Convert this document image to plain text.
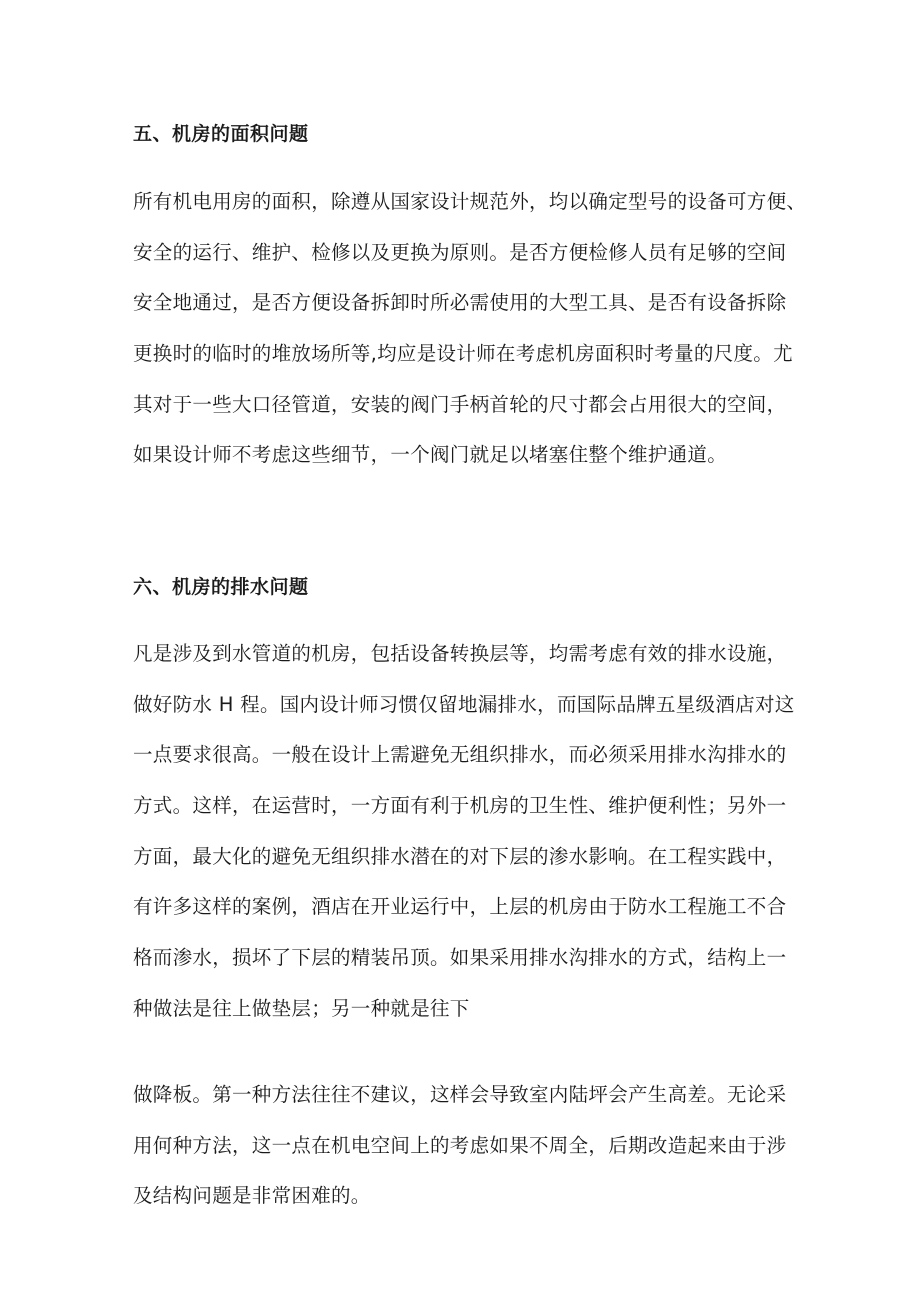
五、机房的面积问题
所有机电用房的面积，除遵从国家设计规范外，均以确定型号的设备可方便、
安全的运行、维护、检修以及更换为原则。是否方便检修人员有足够的空间
安全地通过，是否方便设备拆卸时所必需使用的大型工具、是否有设备拆除
更换时的临时的堆放场所等,均应是设计师在考虑机房面积时考量的尺度。尤
其对于一些大口径管道，安装的阀门手柄首轮的尺寸都会占用很大的空间，
如果设计师不考虑这些细节，一个阀门就足以堵塞住整个维护通道。
六、机房的排水问题
凡是涉及到水管道的机房，包括设备转换层等，均需考虑有效的排水设施，
做好防水 H 程。国内设计师习惯仅留地漏排水，而国际品牌五星级酒店对这
一点要求很高。一般在设计上需避免无组织排水，而必须采用排水沟排水的
方式。这样，在运营时，一方面有利于机房的卫生性、维护便利性；另外一
方面，最大化的避免无组织排水潜在的对下层的渗水影响。在工程实践中，
有许多这样的案例，酒店在开业运行中，上层的机房由于防水工程施工不合
格而渗水，损坏了下层的精装吊顶。如果采用排水沟排水的方式，结构上一
种做法是往上做垫层；另一种就是往下
做降板。第一种方法往往不建议，这样会导致室内陆坪会产生高差。无论采
用何种方法，这一点在机电空间上的考虑如果不周全，后期改造起来由于涉
及结构问题是非常困难的。
